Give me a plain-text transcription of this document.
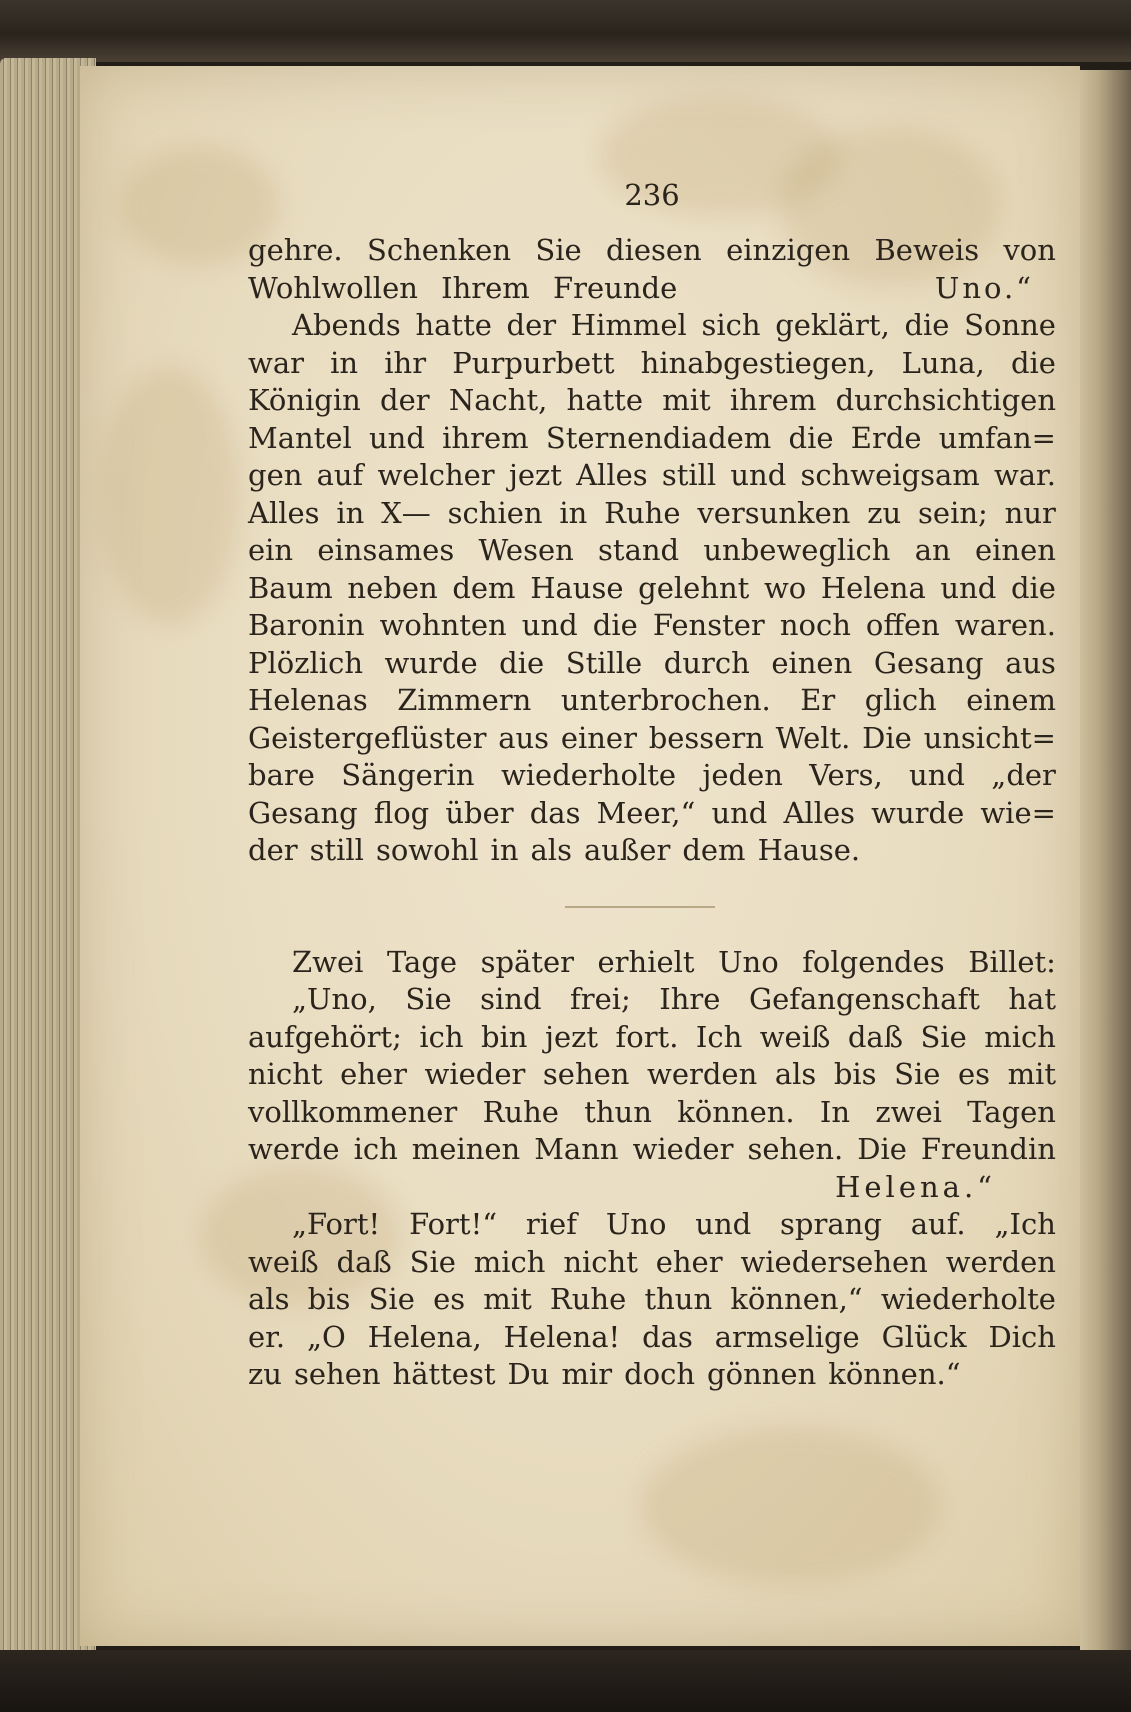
236
gehre. Schenken Sie diesen einzigen Beweis von
Wohlwollen Ihrem Freunde	Uno.“
Abends hatte der Himmel sich geklärt, die Sonne
war in ihr Purpurbett hinabgestiegen, Luna, die
Königin der Nacht, hatte mit ihrem durchsichtigen
Mantel und ihrem Sternendiadem die Erde umfan=
gen auf welcher jezt Alles still und schweigsam war.
Alles in X— schien in Ruhe versunken zu sein; nur
ein einsames Wesen stand unbeweglich an einen
Baum neben dem Hause gelehnt wo Helena und die
Baronin wohnten und die Fenster noch offen waren.
Plözlich wurde die Stille durch einen Gesang aus
Helenas Zimmern unterbrochen. Er glich einem
Geistergeflüster aus einer bessern Welt. Die unsicht=
bare Sängerin wiederholte jeden Vers, und „der
Gesang flog über das Meer,“ und Alles wurde wie=
der still sowohl in als außer dem Hause.
Zwei Tage später erhielt Uno folgendes Billet:
„Uno, Sie sind frei; Ihre Gefangenschaft hat
aufgehört; ich bin jezt fort. Ich weiß daß Sie mich
nicht eher wieder sehen werden als bis Sie es mit
vollkommener Ruhe thun können. In zwei Tagen
werde ich meinen Mann wieder sehen. Die Freundin
Helena.“
„Fort! Fort!“ rief Uno und sprang auf. „Ich
weiß daß Sie mich nicht eher wiedersehen werden
als bis Sie es mit Ruhe thun können,“ wiederholte
er. „O Helena, Helena! das armselige Glück Dich
zu sehen hättest Du mir doch gönnen können.“
